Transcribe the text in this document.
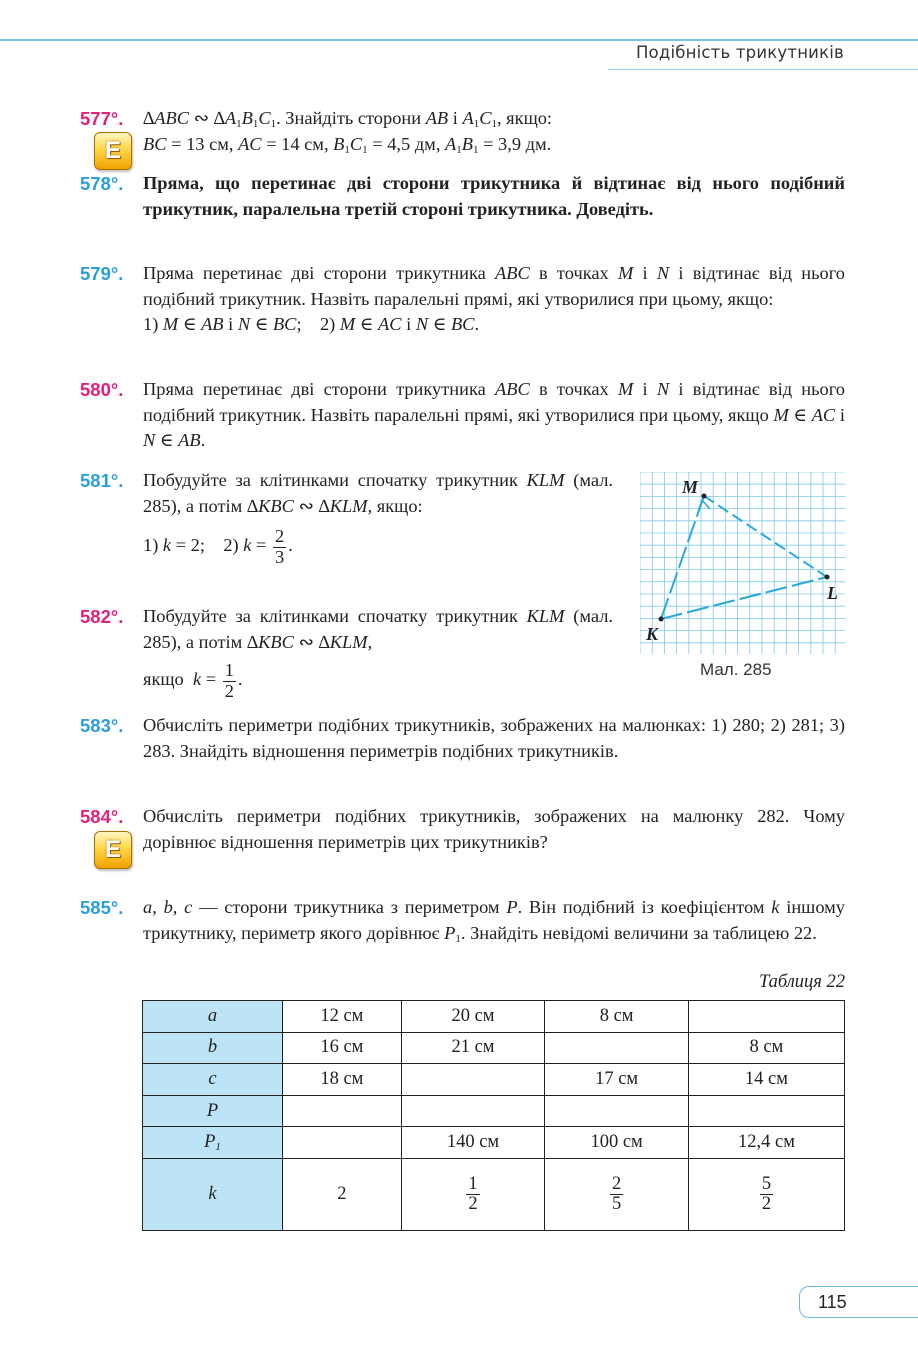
Подібність трикутників
577°. ∆ABC ∾ $\Delta A_1B_1C_1$. Знайдіть сторони AB і $A_1C_1$, якщо:
BC = 13 см, AC = 14 см, $B_1C_1 = 4,5$ дм, $A_1B_1 = 3,9$ дм.
E
578°. Пряма, що перетинає дві сторони трикутника й відтинає від нього подібний трикутник, паралельна третій стороні трикутника. Доведіть.
579°. Пряма перетинає дві сторони трикутника ABC в точках M і N і відтинає від нього подібний трикутник. Назвіть паралельні прямі, які утворилися при цьому, якщо:
1) M ∈ AB і N ∈ BC;    2) M ∈ AC і N ∈ BC.
580°. Пряма перетинає дві сторони трикутника ABC в точках M і N і відтинає від нього подібний трикутник. Назвіть паралельні прямі, які утворилися при цьому, якщо M ∈ AC і N ∈ AB.
581°. Побудуйте за клітинками спочатку трикутник KLM (мал. 285), а потім ∆KBC ∾ ∆KLM, якщо:

1) k = 2;    2) $k = \frac{2}{3}$ .
582°. Побудуйте за клітинками спочатку трикутник KLM (мал. 285), а потім ∆KBC ∾ ∆KLM,

якщо  $k = \frac{1}{2}$ .
M
L
K
Мал. 285
583°. Обчисліть периметри подібних трикутників, зображених на малюнках: 1) 280; 2) 281; 3) 283. Знайдіть відношення периметрів подібних трикутників.
584°. Обчисліть периметри подібних трикутників, зображених на малюнку 282. Чому дорівнює відношення периметрів цих трикутників?
E
585°. a, b, c — сторони трикутника з периметром P. Він подібний із коефіцієнтом k іншому трикутнику, периметр якого дорівнює $P_1$. Знайдіть невідомі величини за таблицею 22.
Таблиця 22
a	12 см	20 см	8 см	
b	16 см	21 см		8 см
c	18 см		17 см	14 см
P				
$P_1$		140 см	100 см	12,4 см
k	2	$\frac{1}{2}$	$\frac{2}{5}$	$\frac{5}{2}$
115
